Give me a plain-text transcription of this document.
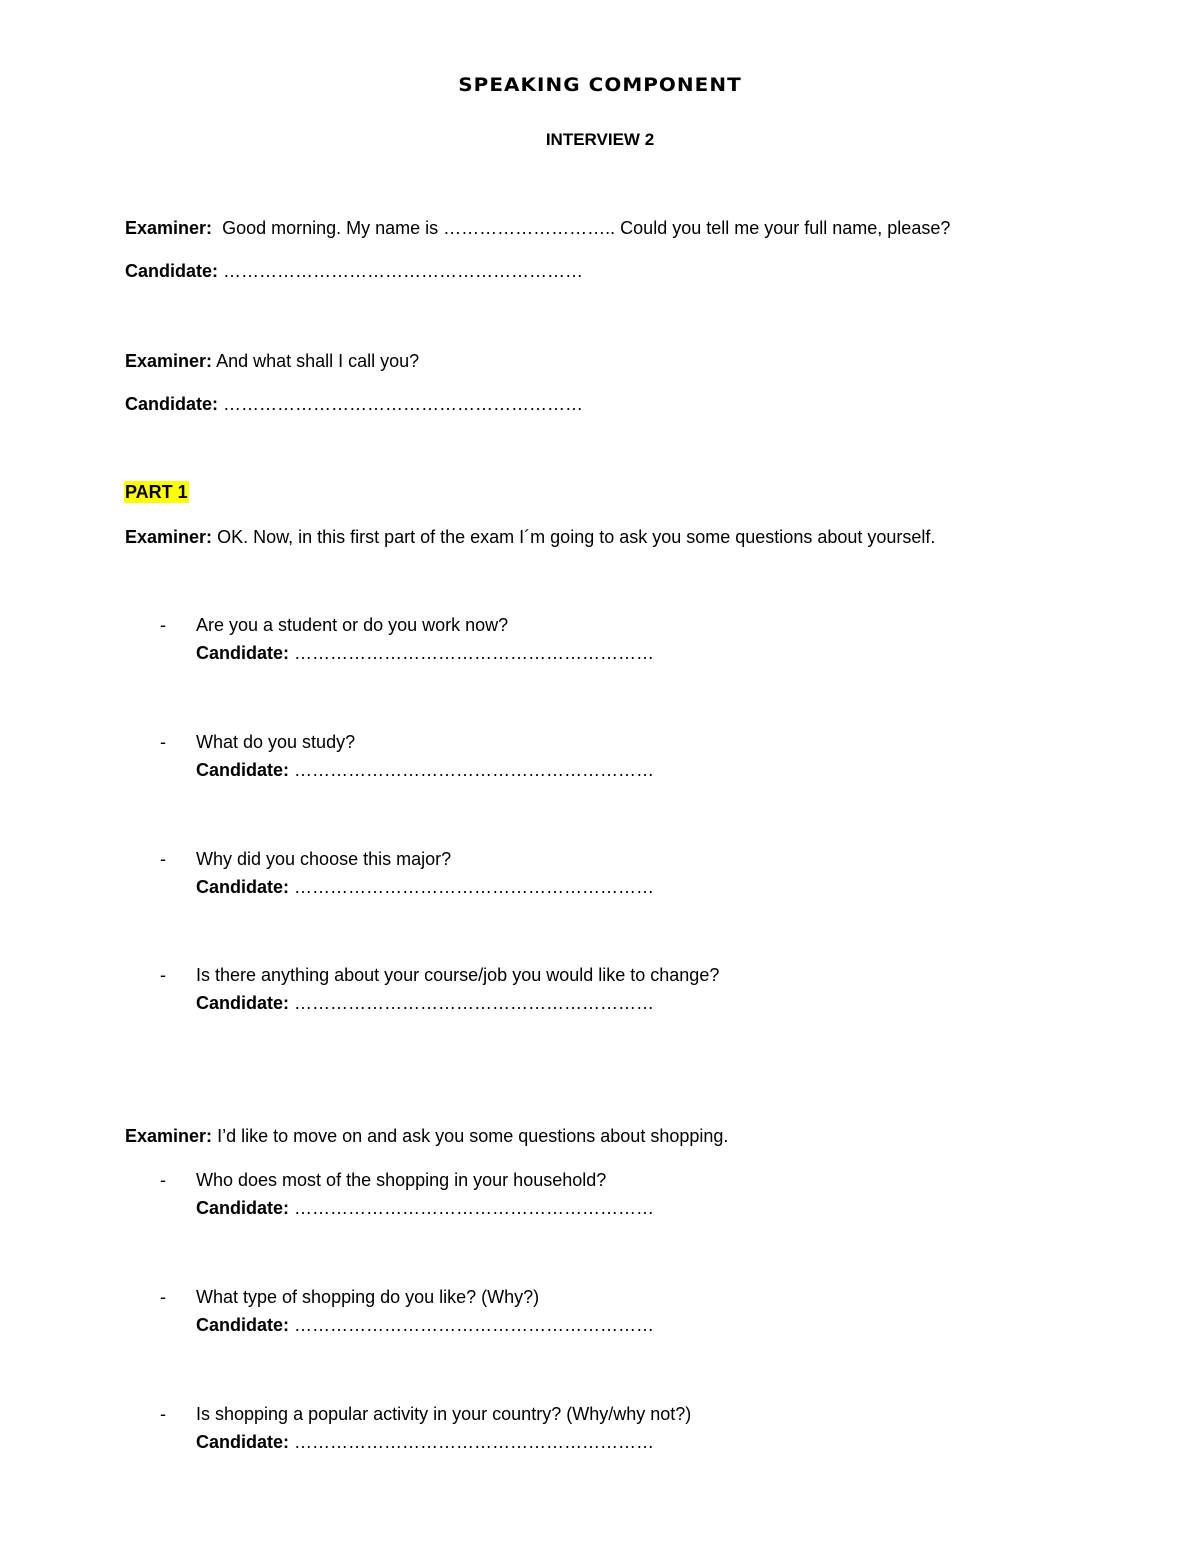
SPEAKING COMPONENT
INTERVIEW 2
Examiner: Good morning. My name is ……………………….. Could you tell me your full name, please?
Candidate: ……………………………………………………
Examiner: And what shall I call you?
Candidate: ……………………………………………………
PART 1
Examiner: OK. Now, in this first part of the exam I´m going to ask you some questions about yourself.
- Are you a student or do you work now?
Candidate: ……………………………………………………
- What do you study?
Candidate: ……………………………………………………
- Why did you choose this major?
Candidate: ……………………………………………………
- Is there anything about your course/job you would like to change?
Candidate: ……………………………………………………
Examiner: I’d like to move on and ask you some questions about shopping.
- Who does most of the shopping in your household?
Candidate: ……………………………………………………
- What type of shopping do you like? (Why?)
Candidate: ……………………………………………………
- Is shopping a popular activity in your country? (Why/why not?)
Candidate: ……………………………………………………
